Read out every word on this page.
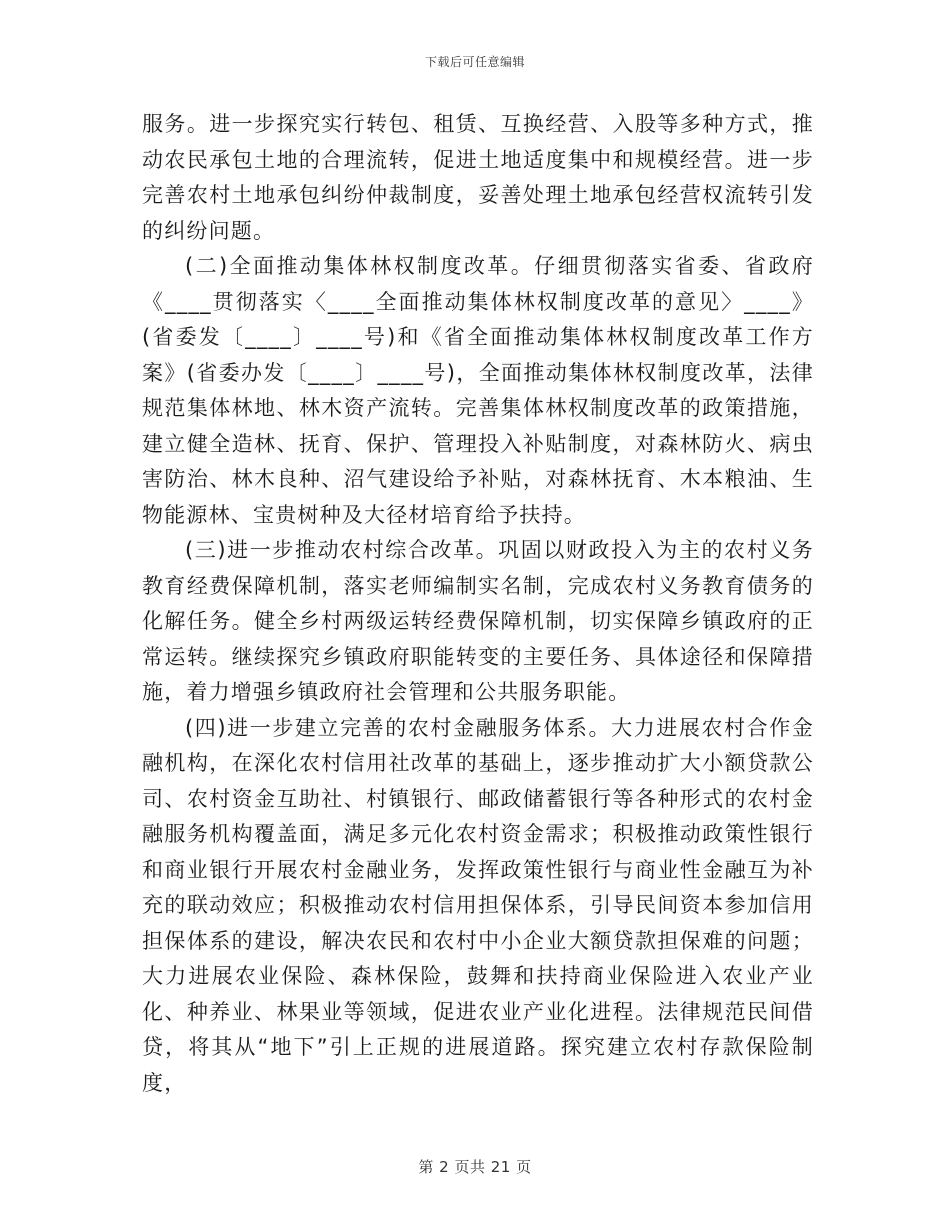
下载后可任意编辑

服务。进一步探究实行转包、租赁、互换经营、入股等多种方式，推动农民承包土地的合理流转，促进土地适度集中和规模经营。进一步完善农村土地承包纠纷仲裁制度，妥善处理土地承包经营权流转引发的纠纷问题。

(二)全面推动集体林权制度改革。仔细贯彻落实省委、省政府《____贯彻落实〈____全面推动集体林权制度改革的意见〉____》(省委发〔____〕____号)和《省全面推动集体林权制度改革工作方案》(省委办发〔____〕____号)，全面推动集体林权制度改革，法律规范集体林地、林木资产流转。完善集体林权制度改革的政策措施，建立健全造林、抚育、保护、管理投入补贴制度，对森林防火、病虫害防治、林木良种、沼气建设给予补贴，对森林抚育、木本粮油、生物能源林、宝贵树种及大径材培育给予扶持。

(三)进一步推动农村综合改革。巩固以财政投入为主的农村义务教育经费保障机制，落实老师编制实名制，完成农村义务教育债务的化解任务。健全乡村两级运转经费保障机制，切实保障乡镇政府的正常运转。继续探究乡镇政府职能转变的主要任务、具体途径和保障措施，着力增强乡镇政府社会管理和公共服务职能。

(四)进一步建立完善的农村金融服务体系。大力进展农村合作金融机构，在深化农村信用社改革的基础上，逐步推动扩大小额贷款公司、农村资金互助社、村镇银行、邮政储蓄银行等各种形式的农村金融服务机构覆盖面，满足多元化农村资金需求；积极推动政策性银行和商业银行开展农村金融业务，发挥政策性银行与商业性金融互为补充的联动效应；积极推动农村信用担保体系，引导民间资本参加信用担保体系的建设，解决农民和农村中小企业大额贷款担保难的问题；大力进展农业保险、森林保险，鼓舞和扶持商业保险进入农业产业化、种养业、林果业等领域，促进农业产业化进程。法律规范民间借贷，将其从“地下”引上正规的进展道路。探究建立农村存款保险制度，

第 2 页共 21 页
